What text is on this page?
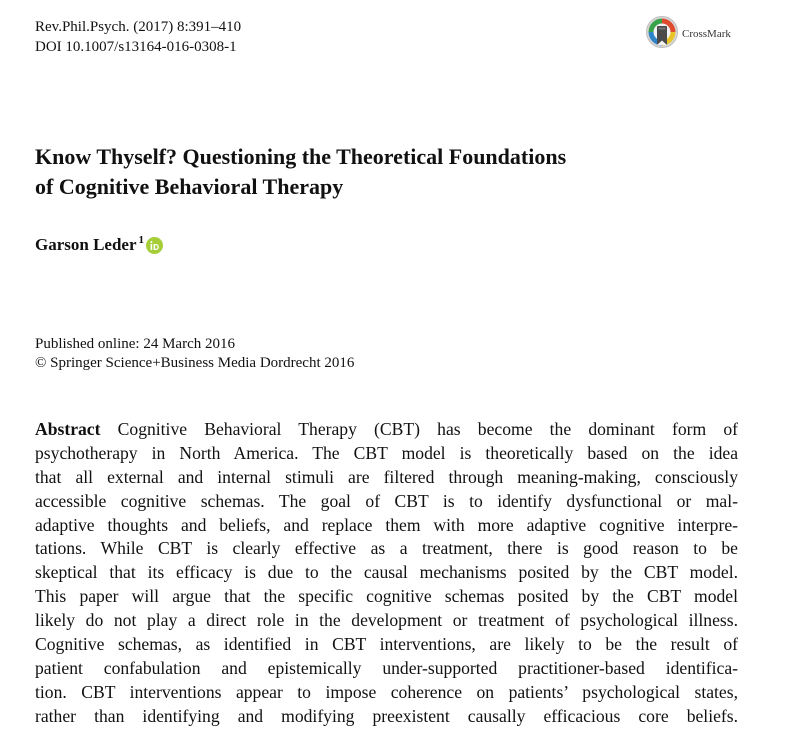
Rev.Phil.Psych. (2017) 8:391–410
DOI 10.1007/s13164-016-0308-1
CrossMark
Know Thyself? Questioning the Theoretical Foundations
of Cognitive Behavioral Therapy
Garson Leder 1
Published online: 24 March 2016
© Springer Science+Business Media Dordrecht 2016
Abstract Cognitive Behavioral Therapy (CBT) has become the dominant form of
psychotherapy in North America. The CBT model is theoretically based on the idea
that all external and internal stimuli are filtered through meaning-making, consciously
accessible cognitive schemas. The goal of CBT is to identify dysfunctional or mal-
adaptive thoughts and beliefs, and replace them with more adaptive cognitive interpre-
tations. While CBT is clearly effective as a treatment, there is good reason to be
skeptical that its efficacy is due to the causal mechanisms posited by the CBT model.
This paper will argue that the specific cognitive schemas posited by the CBT model
likely do not play a direct role in the development or treatment of psychological illness.
Cognitive schemas, as identified in CBT interventions, are likely to be the result of
patient confabulation and epistemically under-supported practitioner-based identifica-
tion. CBT interventions appear to impose coherence on patients’ psychological states,
rather than identifying and modifying preexistent causally efficacious core beliefs.
